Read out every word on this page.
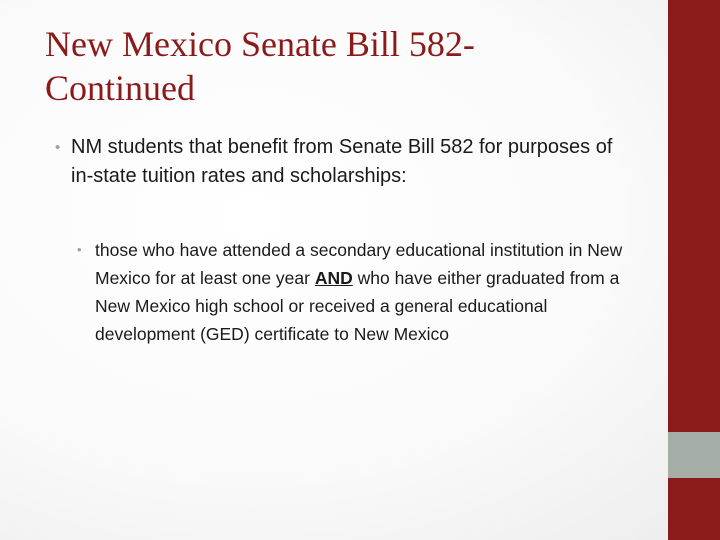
New Mexico Senate Bill 582-
Continued
• NM students that benefit from Senate Bill 582 for purposes of in-state tuition rates and scholarships:
• those who have attended a secondary educational institution in New Mexico for at least one year AND who have either graduated from a New Mexico high school or received a general educational development (GED) certificate to New Mexico
